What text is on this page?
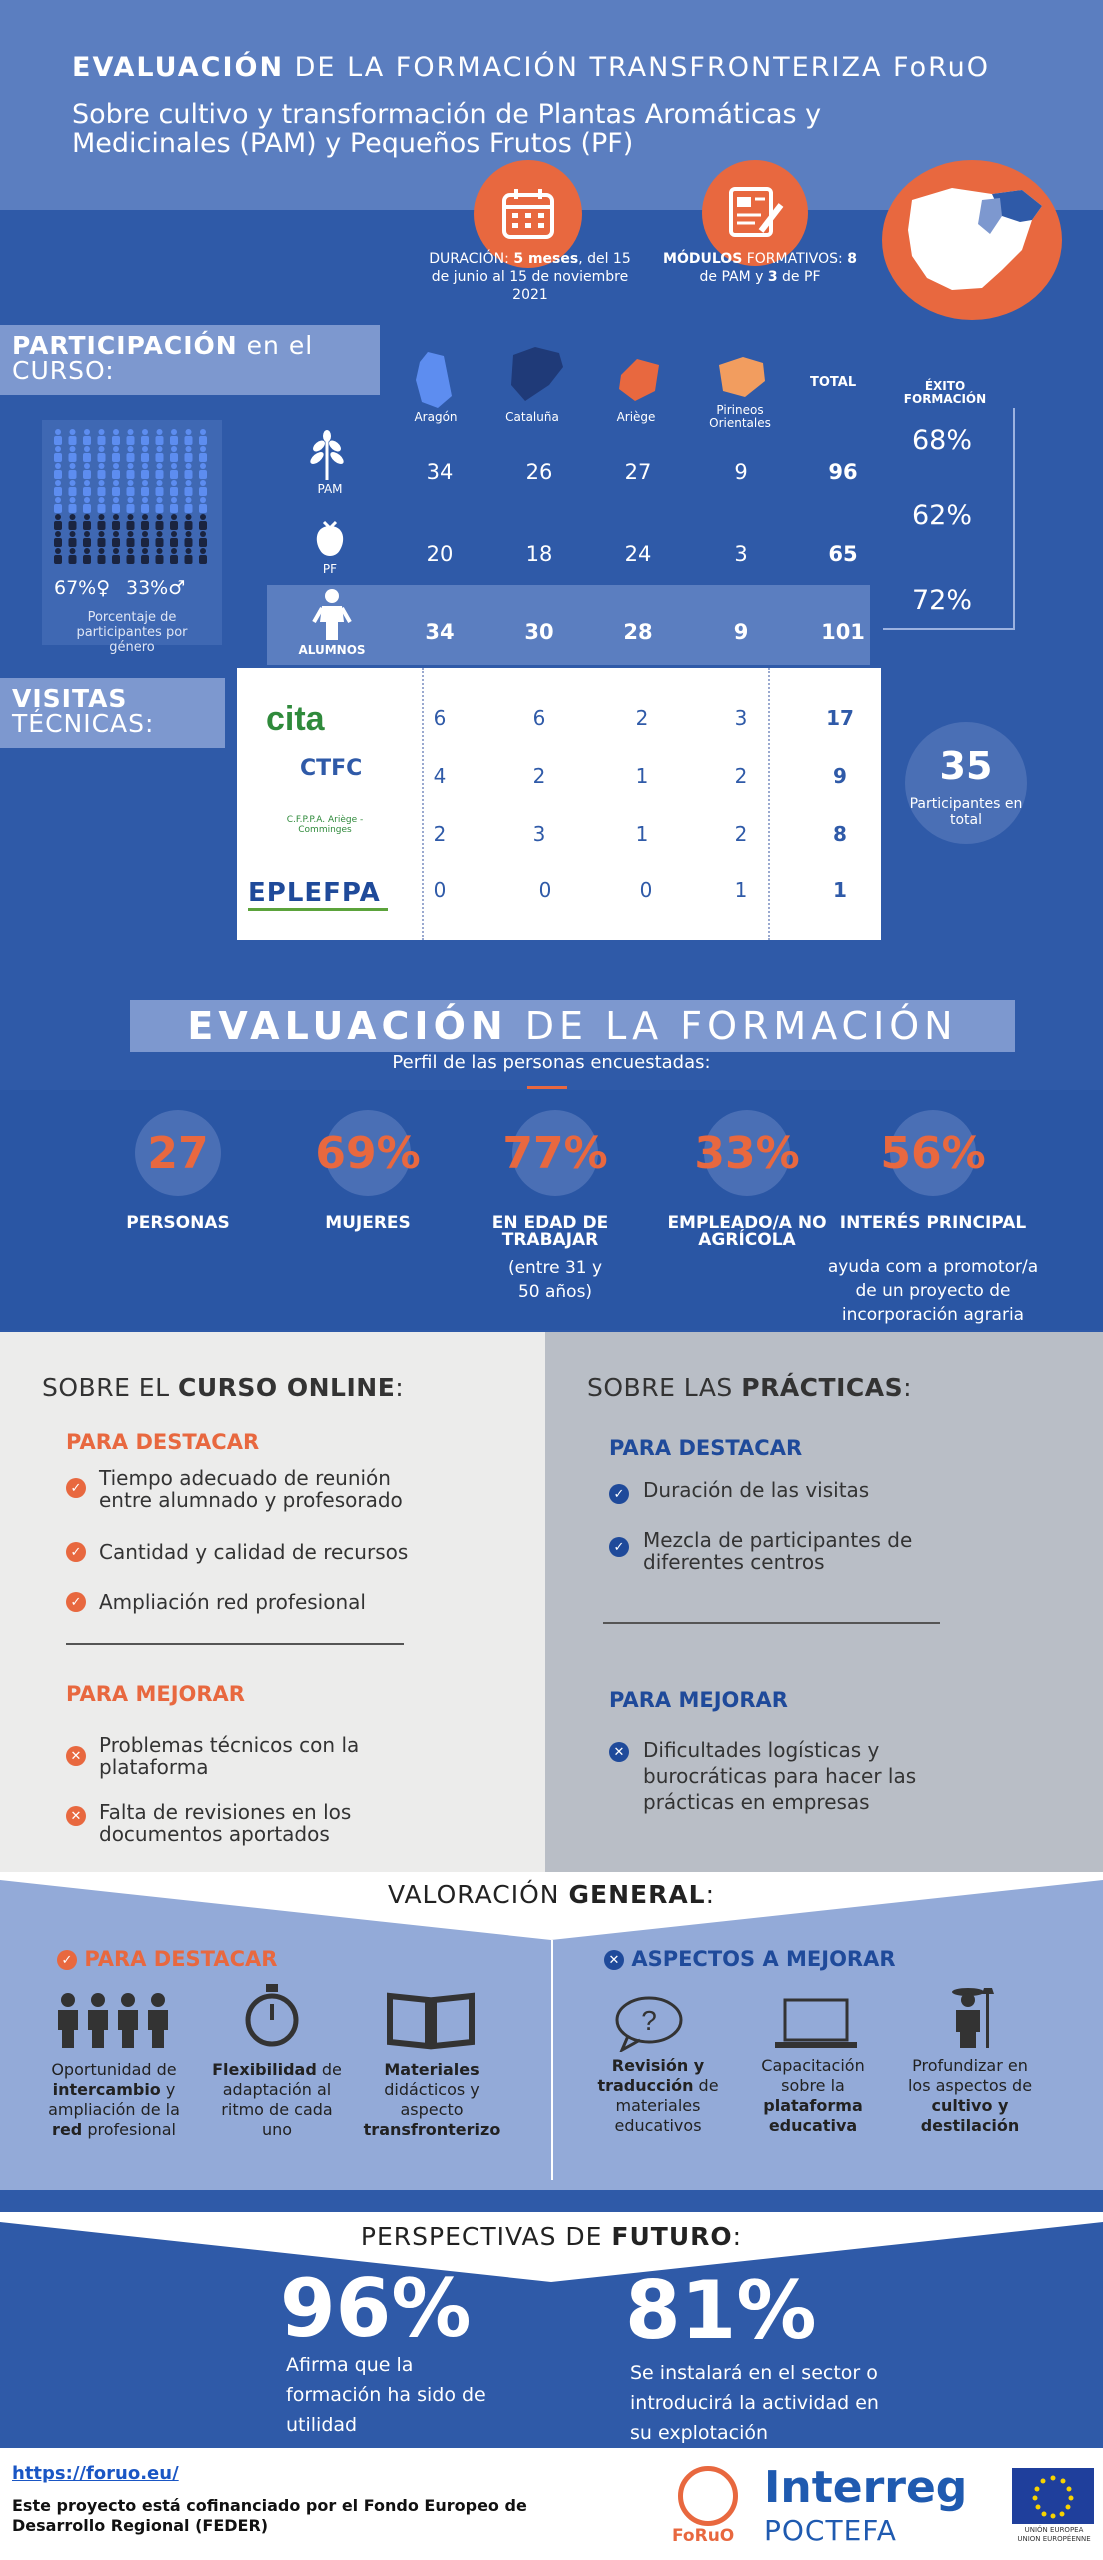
EVALUACIÓN DE LA FORMACIÓN TRANSFRONTERIZA FoRuO
Sobre cultivo y transformación de Plantas Aromáticas y Medicinales (PAM) y Pequeños Frutos (PF)
DURACIÓN: 5 meses, del 15 de junio al 15 de noviembre 2021
MÓDULOS FORMATIVOS: 8
de PAM y 3 de PF
PARTICIPACIÓN en el CURSO:
67%♀ 33%♂
Porcentaje de participantes por género
Aragón	Cataluña	Ariège	Pirineos Orientales
TOTAL	ÉXITO FORMACIÓN
PAM
PF
ALUMNOS
34	26	27	9	96
20	18	24	3	65
34	30	28	9	101
68%
62%
72%
VISITAS
TÉCNICAS:	cita
CTFC
C.F.P.P.A. Ariège - Comminges
EPLEFPA
6	6	2	3	17
4	2	1	2	9
2	3	1	2	8
0	0	0	1	1
35
Participantes en total
EVALUACIÓN DE LA FORMACIÓN
Perfil de las personas encuestadas:
27
PERSONAS
69%
MUJERES
77%
EN EDAD DE TRABAJAR
(entre 31 y 50 años)
33%
EMPLEADO/A NO AGRÍCOLA
56%
INTERÉS PRINCIPAL
ayuda com a promotor/a de un proyecto de incorporación agraria
SOBRE EL CURSO ONLINE:
PARA DESTACAR
✓ Tiempo adecuado de reunión entre alumnado y profesorado
✓ Cantidad y calidad de recursos
✓ Ampliación red profesional
PARA MEJORAR
✕ Problemas técnicos con la plataforma
✕ Falta de revisiones en los documentos aportados
SOBRE LAS PRÁCTICAS:
PARA DESTACAR
✓ Duración de las visitas
✓ Mezcla de participantes de diferentes centros
PARA MEJORAR
✕ Dificultades logísticas y burocráticas para hacer las prácticas en empresas
VALORACIÓN GENERAL:
✓ PARA DESTACAR	✕ ASPECTOS A MEJORAR
Oportunidad de intercambio y ampliación de la red profesional
Flexibilidad de adaptación al ritmo de cada uno
Materiales didácticos y aspecto transfronterizo
?
Revisión y traducción de materiales educativos
Capacitación sobre la plataforma educativa
Profundizar en los aspectos de cultivo y destilación
PERSPECTIVAS DE FUTURO:
96%
Afirma que la formación ha sido de utilidad
81%
Se instalará en el sector o introducirá la actividad en su explotación
https://foruo.eu/
Este proyecto está cofinanciado por el Fondo Europeo de Desarrollo Regional (FEDER)
FoRuO
Interreg
POCTEFA	UNIÓN EUROPEA
UNION EUROPÉENNE
